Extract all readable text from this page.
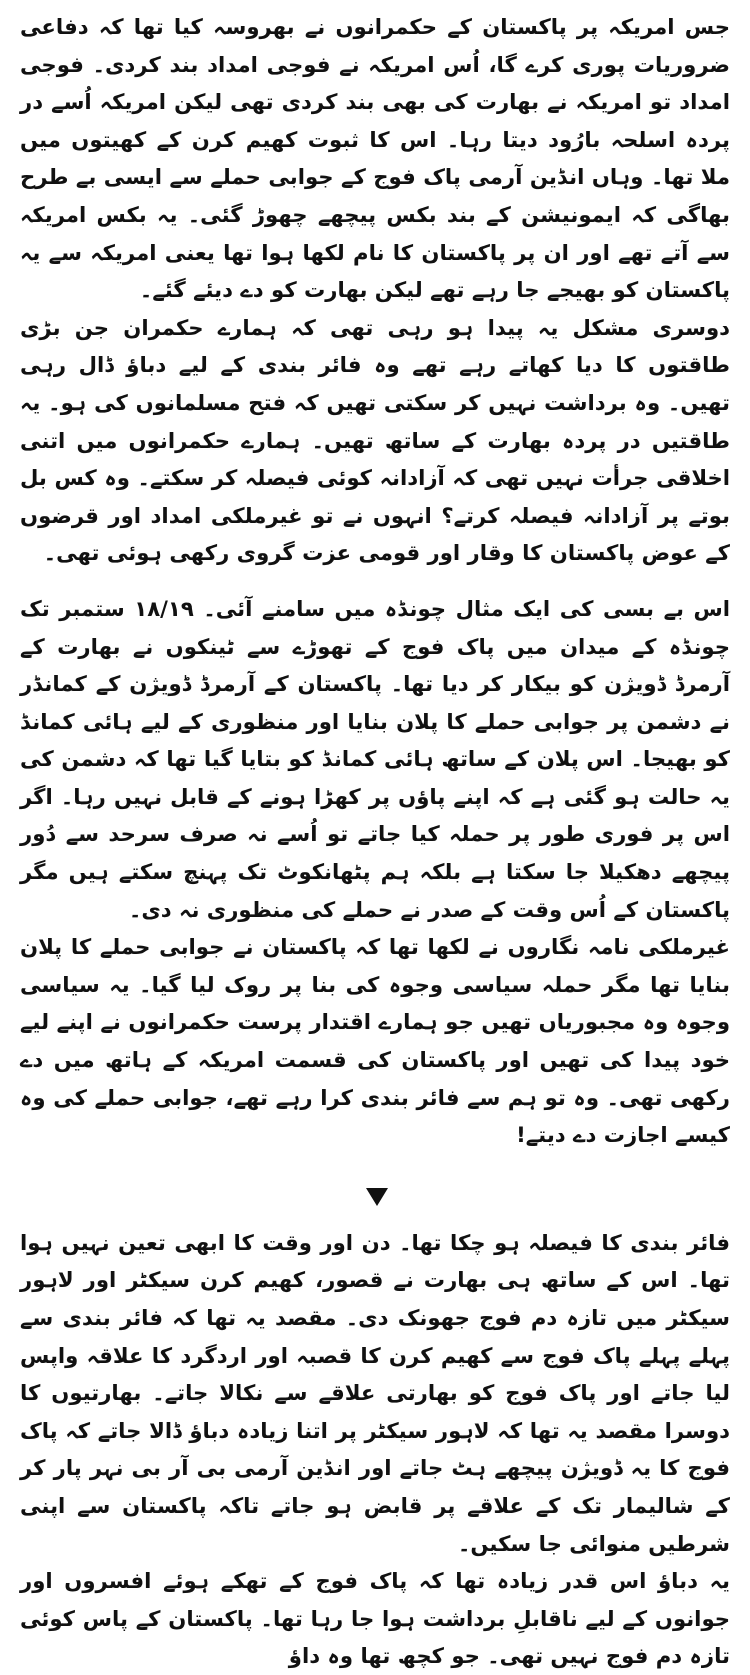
جس امریکہ پر پاکستان کے حکمرانوں نے بھروسہ کیا تھا کہ دفاعی ضروریات پوری کرے گا، اُس امریکہ نے فوجی امداد بند کردی۔ فوجی امداد تو امریکہ نے بھارت کی بھی بند کردی تھی لیکن امریکہ اُسے در پردہ اسلحہ بارُود دیتا رہا۔ اس کا ثبوت کھیم کرن کے کھیتوں میں ملا تھا۔ وہاں انڈین آرمی پاک فوج کے جوابی حملے سے ایسی بے طرح بھاگی کہ ایمونیشن کے بند بکس پیچھے چھوڑ گئی۔ یہ بکس امریکہ سے آتے تھے اور ان پر پاکستان کا نام لکھا ہوا تھا یعنی امریکہ سے یہ پاکستان کو بھیجے جا رہے تھے لیکن بھارت کو دے دیئے گئے۔

دوسری مشکل یہ پیدا ہو رہی تھی کہ ہمارے حکمران جن بڑی طاقتوں کا دیا کھاتے رہے تھے وہ فائر بندی کے لیے دباؤ ڈال رہی تھیں۔ وہ برداشت نہیں کر سکتی تھیں کہ فتح مسلمانوں کی ہو۔ یہ طاقتیں در پردہ بھارت کے ساتھ تھیں۔ ہمارے حکمرانوں میں اتنی اخلاقی جرأت نہیں تھی کہ آزادانہ کوئی فیصلہ کر سکتے۔ وہ کس بل بوتے پر آزادانہ فیصلہ کرتے؟ انہوں نے تو غیرملکی امداد اور قرضوں کے عوض پاکستان کا وقار اور قومی عزت گروی رکھی ہوئی تھی۔

اس بے بسی کی ایک مثال چونڈہ میں سامنے آئی۔ ۱۸/۱۹ ستمبر تک چونڈہ کے میدان میں پاک فوج کے تھوڑے سے ٹینکوں نے بھارت کے آرمرڈ ڈویژن کو بیکار کر دیا تھا۔ پاکستان کے آرمرڈ ڈویژن کے کمانڈر نے دشمن پر جوابی حملے کا پلان بنایا اور منظوری کے لیے ہائی کمانڈ کو بھیجا۔ اس پلان کے ساتھ ہائی کمانڈ کو بتایا گیا تھا کہ دشمن کی یہ حالت ہو گئی ہے کہ اپنے پاؤں پر کھڑا ہونے کے قابل نہیں رہا۔ اگر اس پر فوری طور پر حملہ کیا جاتے تو اُسے نہ صرف سرحد سے دُور پیچھے دھکیلا جا سکتا ہے بلکہ ہم پٹھانکوٹ تک پہنچ سکتے ہیں مگر پاکستان کے اُس وقت کے صدر نے حملے کی منظوری نہ دی۔

غیرملکی نامہ نگاروں نے لکھا تھا کہ پاکستان نے جوابی حملے کا پلان بنایا تھا مگر حملہ سیاسی وجوہ کی بنا پر روک لیا گیا۔ یہ سیاسی وجوہ وہ مجبوریاں تھیں جو ہمارے اقتدار پرست حکمرانوں نے اپنے لیے خود پیدا کی تھیں اور پاکستان کی قسمت امریکہ کے ہاتھ میں دے رکھی تھی۔ وہ تو ہم سے فائر بندی کرا رہے تھے، جوابی حملے کی وہ کیسے اجازت دے دیتے!

فائر بندی کا فیصلہ ہو چکا تھا۔ دن اور وقت کا ابھی تعین نہیں ہوا تھا۔ اس کے ساتھ ہی بھارت نے قصور، کھیم کرن سیکٹر اور لاہور سیکٹر میں تازہ دم فوج جھونک دی۔ مقصد یہ تھا کہ فائر بندی سے پہلے پہلے پاک فوج سے کھیم کرن کا قصبہ اور اردگرد کا علاقہ واپس لیا جاتے اور پاک فوج کو بھارتی علاقے سے نکالا جاتے۔ بھارتیوں کا دوسرا مقصد یہ تھا کہ لاہور سیکٹر پر اتنا زیادہ دباؤ ڈالا جاتے کہ پاک فوج کا یہ ڈویژن پیچھے ہٹ جاتے اور انڈین آرمی بی آر بی نہر پار کر کے شالیمار تک کے علاقے پر قابض ہو جاتے تاکہ پاکستان سے اپنی شرطیں منوائی جا سکیں۔

یہ دباؤ اس قدر زیادہ تھا کہ پاک فوج کے تھکے ہوئے افسروں اور جوانوں کے لیے ناقابلِ برداشت ہوا جا رہا تھا۔ پاکستان کے پاس کوئی تازہ دم فوج نہیں تھی۔ جو کچھ تھا وہ داؤ
